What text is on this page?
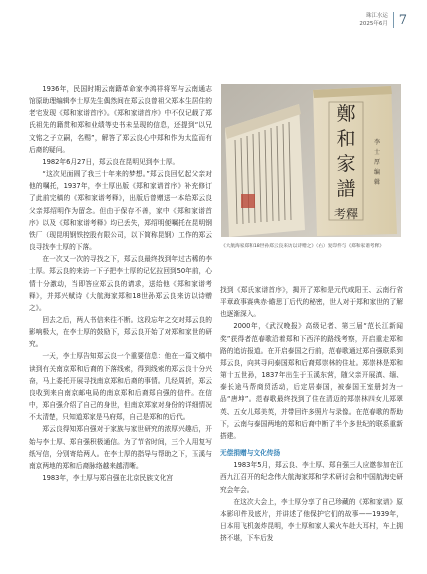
珠江水运
2025年6月 7

1936年，民国时期云南籍革命家李鸿祥将军与云南通志馆原助理编辑李士厚先生偶然间在郑云良曾祖父郑本生居住的老宅发现《郑和家谱首序》。《郑和家谱首序》中不仅记载了郑氏祖先的籍贯和郑和业绩等史书未呈现的信息，还提到“以兄文铭之子立嗣，名赐”，解答了郑云良心中郑和作为太监而有后裔的疑问。

1982年6月27日，郑云良在昆明见到李士厚。

“这次见面圆了我三十年来的梦想。”郑云良回忆起父亲对他的嘱托，1937年，李士厚出版《郑和家谱首序》补充修订了此前完稿的《郑和家谱考释》，出版后曾赠送一本给郑云良父亲郑绍明作为留念。但由于保存不善，家中《郑和家谱首序》以及《郑和家谱考释》均已丢失，郑绍明便嘱托在昆明钢铁厂（现昆明钢铁控股有限公司，以下简称昆钢）工作的郑云良寻找李士厚的下落。

在一次又一次的寻找之下，郑云良最终找到年过古稀的李士厚。郑云良的来访一下子把李士厚的记忆拉回到50年前，心情十分激动，当即答应郑云良的请求，送给他《郑和家谱考释》，并郑兴赋诗《大航海家郑和18世孙郑云良来访以诗赠之》。

回去之后，两人书信来往不断。这段忘年之交对郑云良的影响极大，在李士厚的鼓励下，郑云良开始了对郑和家世的研究。

一天，李士厚告知郑云良一个重要信息：他在一篇文稿中读到有关南京郑和后裔的下落线索，得到线索的郑云良十分兴奋，马上委托开展寻找南京郑和后裔的事情。几经周折，郑云良收到来自南京邮电局的南京郑和后裔郑自强的信件。在信中，郑自强介绍了自己的身世，但南京郑家对身份的详细情况不太清楚，只知道郑家是马府郑，自己是郑和的后代。

郑云良得知郑自强对于家族与家世研究的浓厚兴趣后，开始与李士厚、郑自强积极通信。为了节省时间，三个人用复写纸写信，分别寄给两人。在李士厚的指导与帮助之下，玉溪与南京两地的郑和后裔脉络越来越清晰。

1983年，李士厚与郑自强在北京民族文化宫

鄭
和
家
譜
考釋
李
士
厚
编
辑
《大航海家郑和18世孙郑云良来访以诗赠之》（右）复印件与《郑和家谱考释》

找到《郑氏家谱首序》，揭开了郑和是元代咸阳王、云南行省平章政事赛典赤·瞻思丁后代的秘密，世人对于郑和家世的了解也逐渐深入。

2000年，《武汉晚报》高级记者、第三届“范长江新闻奖”获得者范春歌沿着郑和下西洋的路线考察，开启重走郑和路的追访报道。在开启泰国之行前，范春歌通过郑自强联系到郑云良，向其寻问泰国郑和后裔郑崇林的住址。郑崇林是郑和第十五世孙，1837年出生于玉溪东营，随父亲开展滇、缅、泰长途马帮商贸活动，后定居泰国，被泰国王室册封为一品“唐坤”。范春歌最终找到了住在清迈的郑崇林四女儿郑翠英、五女儿郑美英，并带回许多照片与录像。在范春歌的帮助下，云南与泰国两地的郑和后裔中断了半个多世纪的联系重新搭建。

无偿捐赠与文化传扬

1983年5月，郑云良、李士厚、郑自强三人应邀参加在江西九江召开的纪念伟大航海家郑和学术研讨会和中国航海史研究会年会。

在这次大会上，李士厚分享了自己珍藏的《郑和家谱》原本影印件及底片，并讲述了他保护它们的故事——1939年，日本用飞机轰炸昆明，李士厚和家人乘火车赴大耳村，车上拥挤不堪，下车后发
